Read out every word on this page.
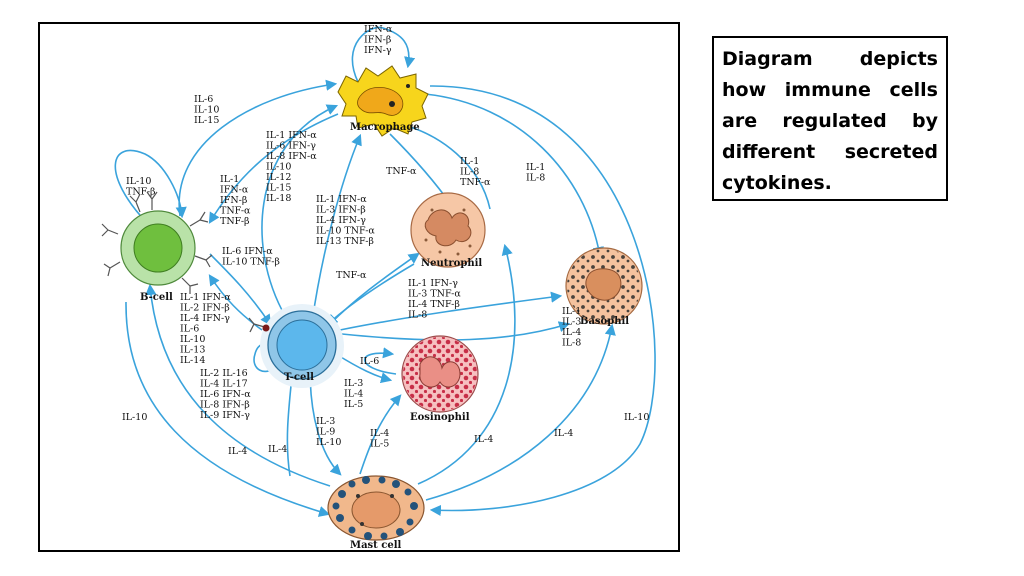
Macrophage
B-cell
T-cell
Neutrophil
Basophil
Eosinophil
Mast cell
IFN-α IFN-β IFN-γ
IL-6 IL-10 IL-15
IL-1 IFN-α IL-6 IFN-γ IL-8 IFN-α IL-10 IL-12 IL-15 IL-18
IL-10 TNF-β
IL-1 IFN-α IFN-β TNF-α TNF-β
TNF-α
IL-1 IL-8 TNF-α
IL-1 IL-8
IL-1 IFN-α IL-3 IFN-β IL-4 IFN-γ IL-10 TNF-α IL-13 TNF-β
IL-6 IFN-α IL-10 TNF-β
TNF-α
IL-1 IFN-γ IL-3 TNF-α IL-4 TNF-β IL-8
IL-1 IFN-α IL-2 IFN-β IL-4 IFN-γ IL-6 IL-10 IL-13 IL-14
IL-2 IL-16 IL-4 IL-17 IL-6 IFN-α IL-8 IFN-β IL-9 IFN-γ
IL-1 IL-3 IL-4 IL-8
IL-6
IL-3 IL-4 IL-5
IL-3 IL-9 IL-10
IL-4 IL-5
IL-10
IL-4 IL-4
IL-4
IL-4
IL-10
Diagram depicts how immune cells are regulated by different secreted cytokines.
